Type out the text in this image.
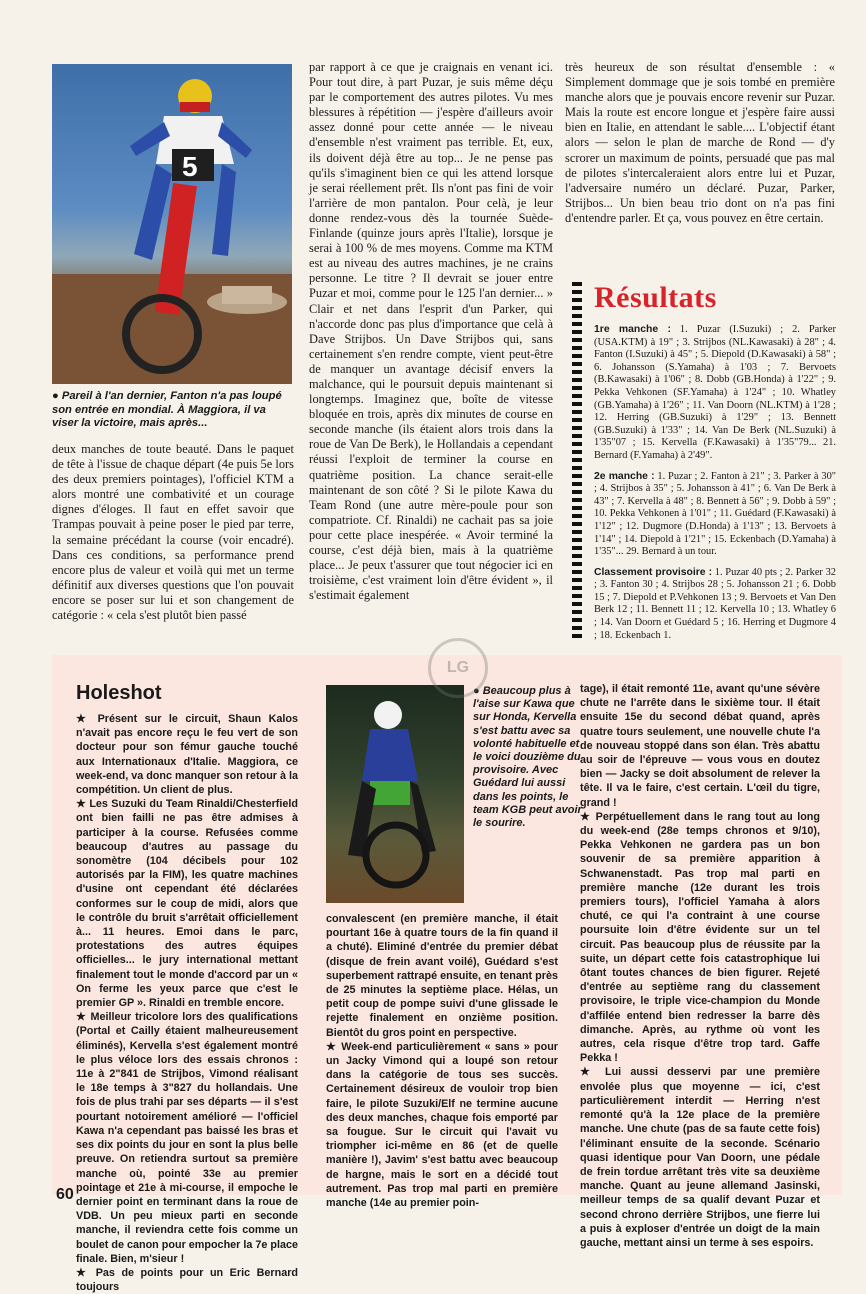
5
● Pareil à l'an dernier, Fanton n'a pas loupé son entrée en mondial. À Maggiora, il va viser la victoire, mais après...

deux manches de toute beauté. Dans le paquet de tête à l'issue de chaque départ (4e puis 5e lors des deux premiers pointages), l'officiel KTM a alors montré une combativité et un courage dignes d'éloges. Il faut en effet savoir que Trampas pouvait à peine poser le pied par terre, la semaine précédant la course (voir encadré). Dans ces conditions, sa performance prend encore plus de valeur et voilà qui met un terme définitif aux diverses questions que l'on pouvait encore se poser sur lui et son changement de catégorie : « cela s'est plutôt bien passé

par rapport à ce que je craignais en venant ici. Pour tout dire, à part Puzar, je suis même déçu par le comportement des autres pilotes. Vu mes blessures à répétition — j'espère d'ailleurs avoir assez donné pour cette année — le niveau d'ensemble n'est vraiment pas terrible. Et, eux, ils doivent déjà être au top... Je ne pense pas qu'ils s'imaginent bien ce qui les attend lorsque je serai réellement prêt. Ils n'ont pas fini de voir l'arrière de mon pantalon. Pour celà, je leur donne rendez-vous dès la tournée Suède-Finlande (quinze jours après l'Italie), lorsque je serai à 100 % de mes moyens. Comme ma KTM est au niveau des autres machines, je ne crains personne. Le titre ? Il devrait se jouer entre Puzar et moi, comme pour le 125 l'an dernier... » Clair et net dans l'esprit d'un Parker, qui n'accorde donc pas plus d'importance que celà à Dave Strijbos. Un Dave Strijbos qui, sans certainement s'en rendre compte, vient peut-être de manquer un avantage décisif envers la malchance, qui le poursuit depuis maintenant si longtemps. Imaginez que, boîte de vitesse bloquée en trois, après dix minutes de course en seconde manche (ils étaient alors trois dans la roue de Van De Berk), le Hollandais a cependant réussi l'exploit de terminer la course en quatrième position. La chance serait-elle maintenant de son côté ? Si le pilote Kawa du Team Rond (une autre mère-poule pour son compatriote. Cf. Rinaldi) ne cachait pas sa joie pour cette place inespérée. « Avoir terminé la course, c'est déjà bien, mais à la quatrième place... Je peux t'assurer que tout négocier ici en troisième, c'est vraiment loin d'être évident », il s'estimait également

très heureux de son résultat d'ensemble : « Simplement dommage que je sois tombé en première manche alors que je pouvais encore revenir sur Puzar. Mais la route est encore longue et j'espère faire aussi bien en Italie, en attendant le sable.... L'objectif étant alors — selon le plan de marche de Rond — d'y scrorer un maximum de points, persuadé que pas mal de pilotes s'intercaleraient alors entre lui et Puzar, l'adversaire numéro un déclaré. Puzar, Parker, Strijbos... Un bien beau trio dont on n'a pas fini d'entendre parler. Et ça, vous pouvez en être certain.

Résultats

1re manche : 1. Puzar (I.Suzuki) ; 2. Parker (USA.KTM) à 19" ; 3. Strijbos (NL.Kawasaki) à 28" ; 4. Fanton (I.Suzuki) à 45" ; 5. Diepold (D.Kawasaki) à 58" ; 6. Johansson (S.Yamaha) à 1'03 ; 7. Bervoets (B.Kawasaki) à 1'06" ; 8. Dobb (GB.Honda) à 1'22" ; 9. Pekka Vehkonen (SF.Yamaha) à 1'24" ; 10. Whatley (GB.Yamaha) à 1'26" ; 11. Van Doorn (NL.KTM) à 1'28 ; 12. Herring (GB.Suzuki) à 1'29" ; 13. Bennett (GB.Suzuki) à 1'33" ; 14. Van De Berk (NL.Suzuki) à 1'35"07 ; 15. Kervella (F.Kawasaki) à 1'35"79... 21. Bernard (F.Yamaha) à 2'49".

2e manche : 1. Puzar ; 2. Fanton à 21" ; 3. Parker à 30" ; 4. Strijbos à 35" ; 5. Johansson à 41" ; 6. Van De Berk à 43" ; 7. Kervella à 48" ; 8. Bennett à 56" ; 9. Dobb à 59" ; 10. Pekka Vehkonen à 1'01" ; 11. Guédard (F.Kawasaki) à 1'12" ; 12. Dugmore (D.Honda) à 1'13" ; 13. Bervoets à 1'14" ; 14. Diepold à 1'21" ; 15. Eckenbach (D.Yamaha) à 1'35"... 29. Bernard à un tour.

Classement provisoire : 1. Puzar 40 pts ; 2. Parker 32 ; 3. Fanton 30 ; 4. Strijbos 28 ; 5. Johansson 21 ; 6. Dobb 15 ; 7. Diepold et P.Vehkonen 13 ; 9. Bervoets et Van Den Berk 12 ; 11. Bennett 11 ; 12. Kervella 10 ; 13. Whatley 6 ; 14. Van Doorn et Guédard 5 ; 16. Herring et Dugmore 4 ; 18. Eckenbach 1.

Holeshot
★ Présent sur le circuit, Shaun Kalos n'avait pas encore reçu le feu vert de son docteur pour son fémur gauche touché aux Internationaux d'Italie. Maggiora, ce week-end, va donc manquer son retour à la compétition. Un client de plus.
★ Les Suzuki du Team Rinaldi/Chesterfield ont bien failli ne pas être admises à participer à la course. Refusées comme beaucoup d'autres au passage du sonomètre (104 décibels pour 102 autorisés par la FIM), les quatre machines d'usine ont cependant été déclarées conformes sur le coup de midi, alors que le contrôle du bruit s'arrêtait officiellement à... 11 heures. Emoi dans le parc, protestations des autres équipes officielles... le jury international mettant finalement tout le monde d'accord par un « On ferme les yeux parce que c'est le premier GP ». Rinaldi en tremble encore.
★ Meilleur tricolore lors des qualifications (Portal et Cailly étaient malheureusement éliminés), Kervella s'est également montré le plus véloce lors des essais chronos : 11e à 2"841 de Strijbos, Vimond réalisant le 18e temps à 3"827 du hollandais. Une fois de plus trahi par ses départs — il s'est pourtant notoirement amélioré — l'officiel Kawa n'a cependant pas baissé les bras et ses dix points du jour en sont la plus belle preuve. On retiendra surtout sa première manche où, pointé 33e au premier pointage et 21e à mi-course, il empoche le dernier point en terminant dans la roue de VDB. Un peu mieux parti en seconde manche, il reviendra cette fois comme un boulet de canon pour empocher la 7e place finale. Bien, m'sieur !
★ Pas de points pour un Eric Bernard toujours
● Beaucoup plus à l'aise sur Kawa que sur Honda, Kervella s'est battu avec sa volonté habituelle et le voici douzième du provisoire. Avec Guédard lui aussi dans les points, le team KGB peut avoir le sourire.
LG
convalescent (en première manche, il était pourtant 16e à quatre tours de la fin quand il a chuté). Eliminé d'entrée du premier débat (disque de frein avant voilé), Guédard s'est superbement rattrapé ensuite, en tenant près de 25 minutes la septième place. Hélas, un petit coup de pompe suivi d'une glissade le rejette finalement en onzième position. Bientôt du gros point en perspective.
★ Week-end particulièrement « sans » pour un Jacky Vimond qui a loupé son retour dans la catégorie de tous ses succès. Certainement désireux de vouloir trop bien faire, le pilote Suzuki/Elf ne termine aucune des deux manches, chaque fois emporté par sa fougue. Sur le circuit qui l'avait vu triompher ici-même en 86 (et de quelle manière !), Javim' s'est battu avec beaucoup de hargne, mais le sort en a décidé tout autrement. Pas trop mal parti en première manche (14e au premier poin-
tage), il était remonté 11e, avant qu'une sévère chute ne l'arrête dans le sixième tour. Il était ensuite 15e du second débat quand, après quatre tours seulement, une nouvelle chute l'a de nouveau stoppé dans son élan. Très abattu au soir de l'épreuve — vous vous en doutez bien — Jacky se doit absolument de relever la tête. Il va le faire, c'est certain. L'œil du tigre, grand !
★ Perpétuellement dans le rang tout au long du week-end (28e temps chronos et 9/10), Pekka Vehkonen ne gardera pas un bon souvenir de sa première apparition à Schwanenstadt. Pas trop mal parti en première manche (12e durant les trois premiers tours), l'officiel Yamaha à alors chuté, ce qui l'a contraint à une course poursuite loin d'être évidente sur un tel circuit. Pas beaucoup plus de réussite par la suite, un départ cette fois catastrophique lui ôtant toutes chances de bien figurer. Rejeté d'entrée au septième rang du classement provisoire, le triple vice-champion du Monde d'affilée entend bien redresser la barre dès dimanche. Après, au rythme où vont les autres, cela risque d'être trop tard. Gaffe Pekka !
★ Lui aussi desservi par une première envolée plus que moyenne — ici, c'est particulièrement interdit — Herring n'est remonté qu'à la 12e place de la première manche. Une chute (pas de sa faute cette fois) l'éliminant ensuite de la seconde. Scénario quasi identique pour Van Doorn, une pédale de frein tordue arrêtant très vite sa deuxième manche. Quant au jeune allemand Jasinski, meilleur temps de sa qualif devant Puzar et second chrono derrière Strijbos, une fierre lui a puis à exploser d'entrée un doigt de la main gauche, mettant ainsi un terme à ses espoirs.
60
